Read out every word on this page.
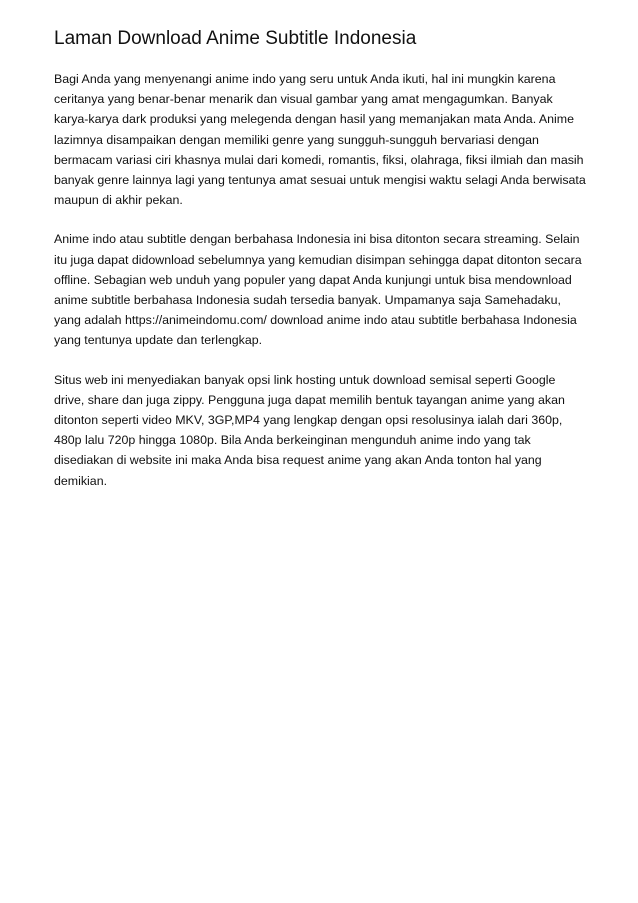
Laman Download Anime Subtitle Indonesia

Bagi Anda yang menyenangi anime indo yang seru untuk Anda ikuti, hal ini mungkin karena ceritanya yang benar-benar menarik dan visual gambar yang amat mengagumkan. Banyak karya-karya dark produksi yang melegenda dengan hasil yang memanjakan mata Anda. Anime lazimnya disampaikan dengan memiliki genre yang sungguh-sungguh bervariasi dengan bermacam variasi ciri khasnya mulai dari komedi, romantis, fiksi, olahraga, fiksi ilmiah dan masih banyak genre lainnya lagi yang tentunya amat sesuai untuk mengisi waktu selagi Anda berwisata maupun di akhir pekan.

Anime indo atau subtitle dengan berbahasa Indonesia ini bisa ditonton secara streaming. Selain itu juga dapat didownload sebelumnya yang kemudian disimpan sehingga dapat ditonton secara offline. Sebagian web unduh yang populer yang dapat Anda kunjungi untuk bisa mendownload anime subtitle berbahasa Indonesia sudah tersedia banyak. Umpamanya saja Samehadaku, yang adalah https://animeindomu.com/ download anime indo atau subtitle berbahasa Indonesia yang tentunya update dan terlengkap.

Situs web ini menyediakan banyak opsi link hosting untuk download semisal seperti Google drive, share dan juga zippy. Pengguna juga dapat memilih bentuk tayangan anime yang akan ditonton seperti video MKV, 3GP,MP4 yang lengkap dengan opsi resolusinya ialah dari 360p, 480p lalu 720p hingga 1080p. Bila Anda berkeinginan mengunduh anime indo yang tak disediakan di website ini maka Anda bisa request anime yang akan Anda tonton hal yang demikian.
